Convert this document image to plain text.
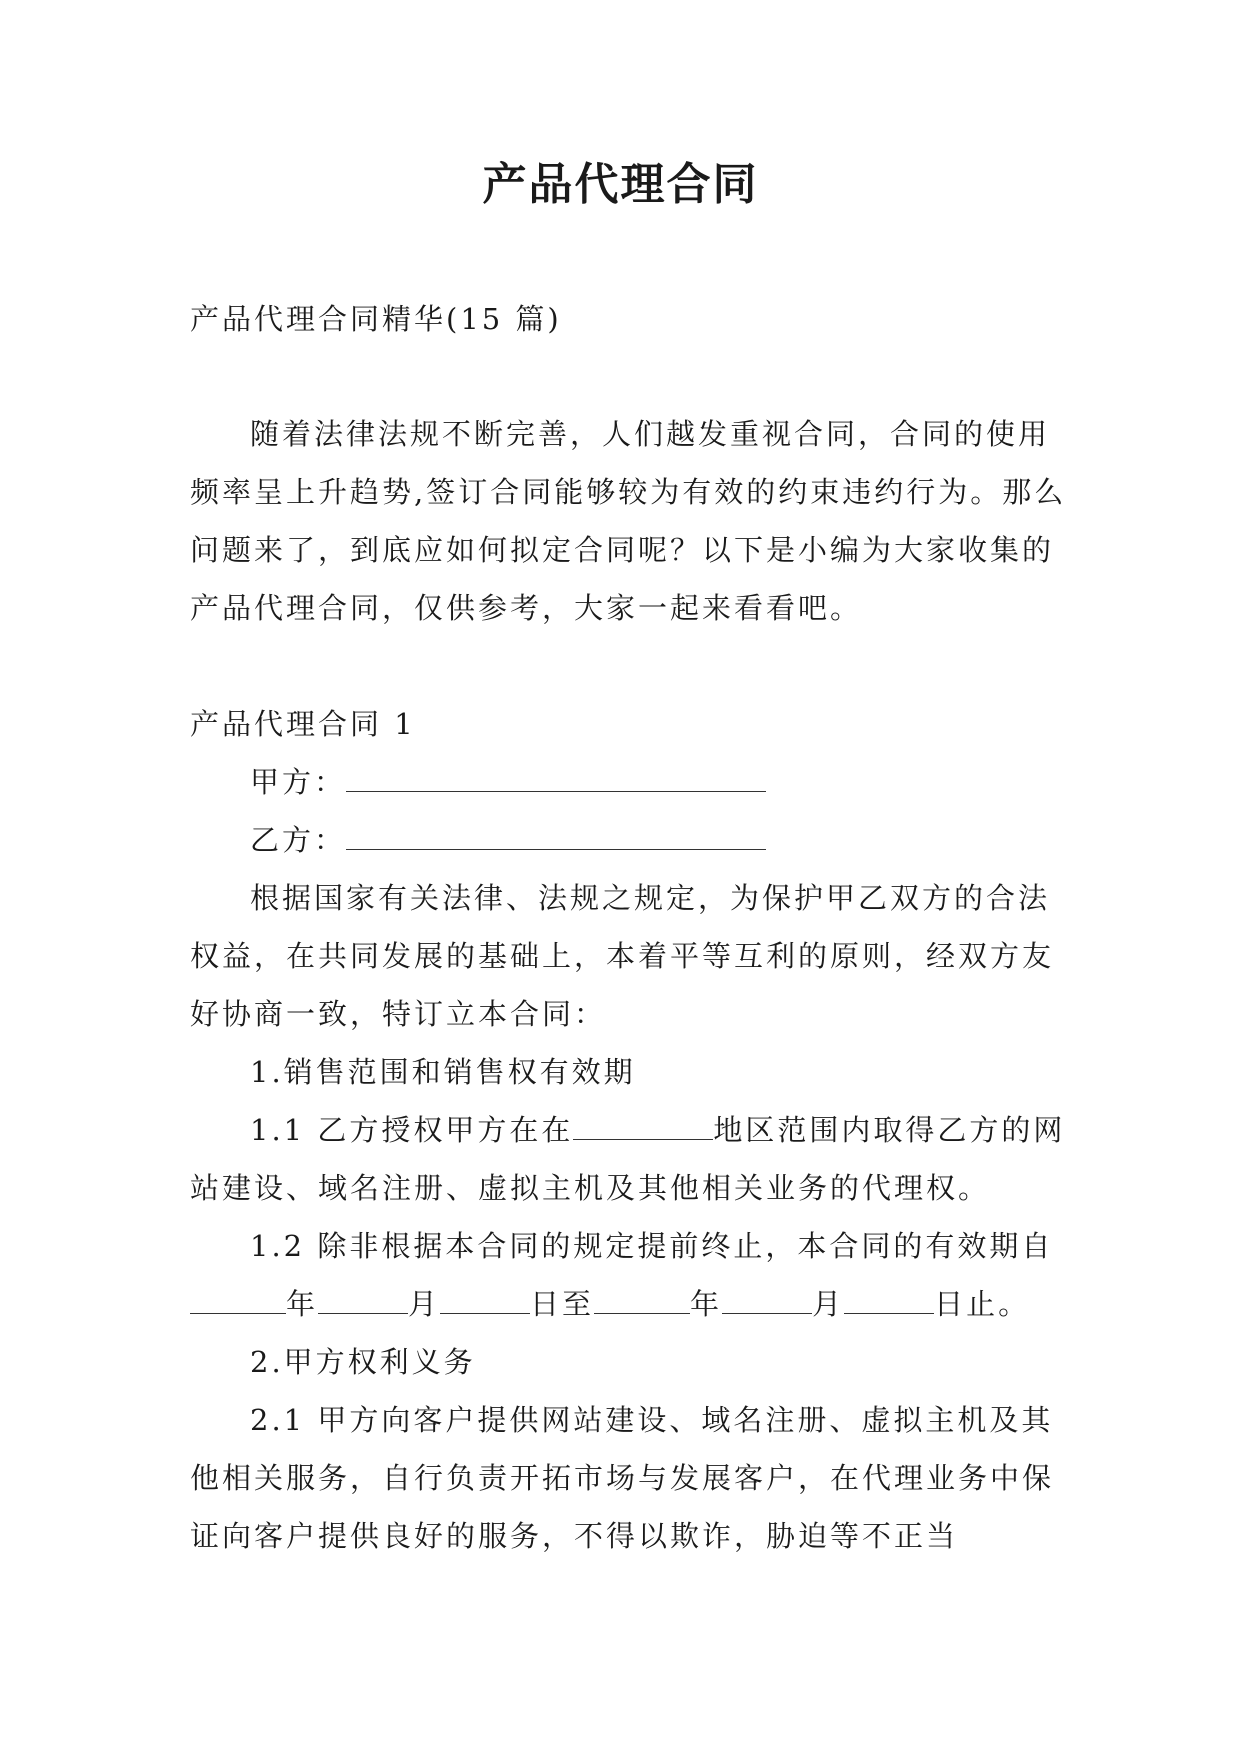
产品代理合同

产品代理合同精华(15 篇)

随着法律法规不断完善，人们越发重视合同，合同的使用频率呈上升趋势,签订合同能够较为有效的约束违约行为。那么问题来了，到底应如何拟定合同呢？以下是小编为大家收集的产品代理合同，仅供参考，大家一起来看看吧。

产品代理合同 1

甲方：

乙方：

根据国家有关法律、法规之规定，为保护甲乙双方的合法权益，在共同发展的基础上，本着平等互利的原则，经双方友好协商一致，特订立本合同：

1.销售范围和销售权有效期

1.1 乙方授权甲方在在	地区范围内取得乙方的网站建设、域名注册、虚拟主机及其他相关业务的代理权。

1.2 除非根据本合同的规定提前终止，本合同的有效期自年	月	日至	年	月	日止。

2.甲方权利义务

2.1 甲方向客户提供网站建设、域名注册、虚拟主机及其他相关服务，自行负责开拓市场与发展客户，在代理业务中保证向客户提供良好的服务，不得以欺诈，胁迫等不正当
